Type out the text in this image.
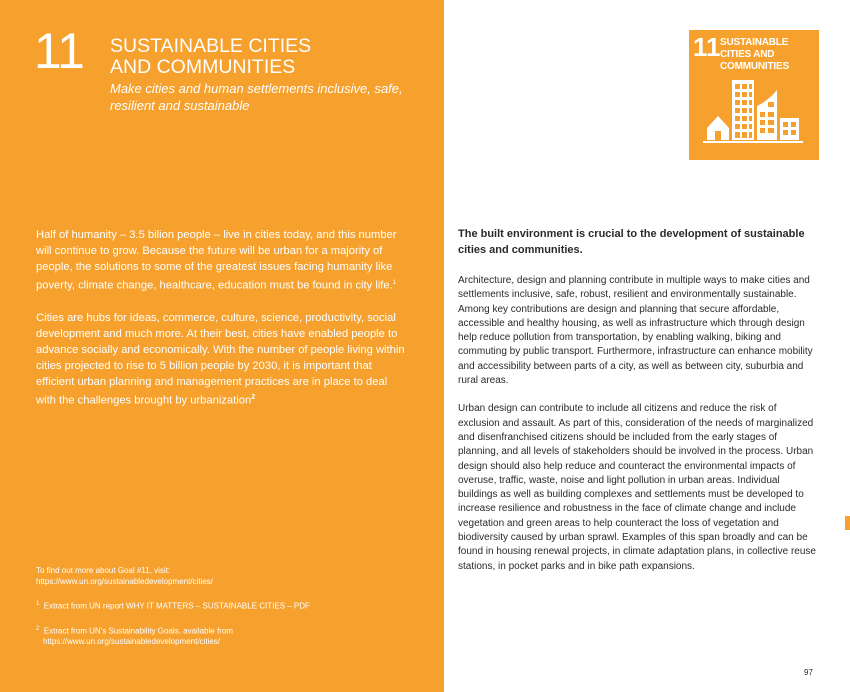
11 SUSTAINABLE CITIES
AND COMMUNITIES
Make cities and human settlements inclusive, safe, resilient and sustainable

Half of humanity – 3.5 bilion people – live in cities today, and this number will continue to grow. Because the future will be urban for a majority of people, the solutions to some of the greatest issues facing humanity like poverty, climate change, healthcare, education must be found in city life.$^1$

Cities are hubs for ideas, commerce, culture, science, productivity, social development and much more. At their best, cities have enabled people to advance socially and economically. With the number of people living within cities projected to rise to 5 billion people by 2030, it is important that efficient urban planning and management practices are in place to deal with the challenges brought by urbanization$^2$

To find out more about Goal #11, visit:
https://www.un.org/sustainabledevelopment/cities/
$^1$ Extract from UN report WHY IT MATTERS – SUSTAINABLE CITIES – PDF
$^2$ Extract from UN's Sustainability Goals, available from
https://www.un.org/sustainabledevelopment/cities/
11 SUSTAINABLE CITIES AND COMMUNITIES

The built environment is crucial to the development of sustainable cities and communities.

Architecture, design and planning contribute in multiple ways to make cities and settlements inclusive, safe, robust, resilient and environmentally sustainable. Among key contributions are design and planning that secure affordable, accessible and healthy housing, as well as infrastructure which through design help reduce pollution from transportation, by enabling walking, biking and commuting by public transport. Furthermore, infrastructure can enhance mobility and accessibility between parts of a city, as well as between city, suburbia and rural areas.

Urban design can contribute to include all citizens and reduce the risk of exclusion and assault. As part of this, consideration of the needs of marginalized and disenfranchised citizens should be included from the early stages of planning, and all levels of stakeholders should be involved in the process. Urban design should also help reduce and counteract the environmental impacts of overuse, traffic, waste, noise and light pollution in urban areas. Individual buildings as well as building complexes and settlements must be developed to increase resilience and robustness in the face of climate change and include vegetation and green areas to help counteract the loss of vegetation and biodiversity caused by urban sprawl. Examples of this span broadly and can be found in housing renewal projects, in climate adaptation plans, in collective reuse stations, in pocket parks and in bike path expansions.

97
